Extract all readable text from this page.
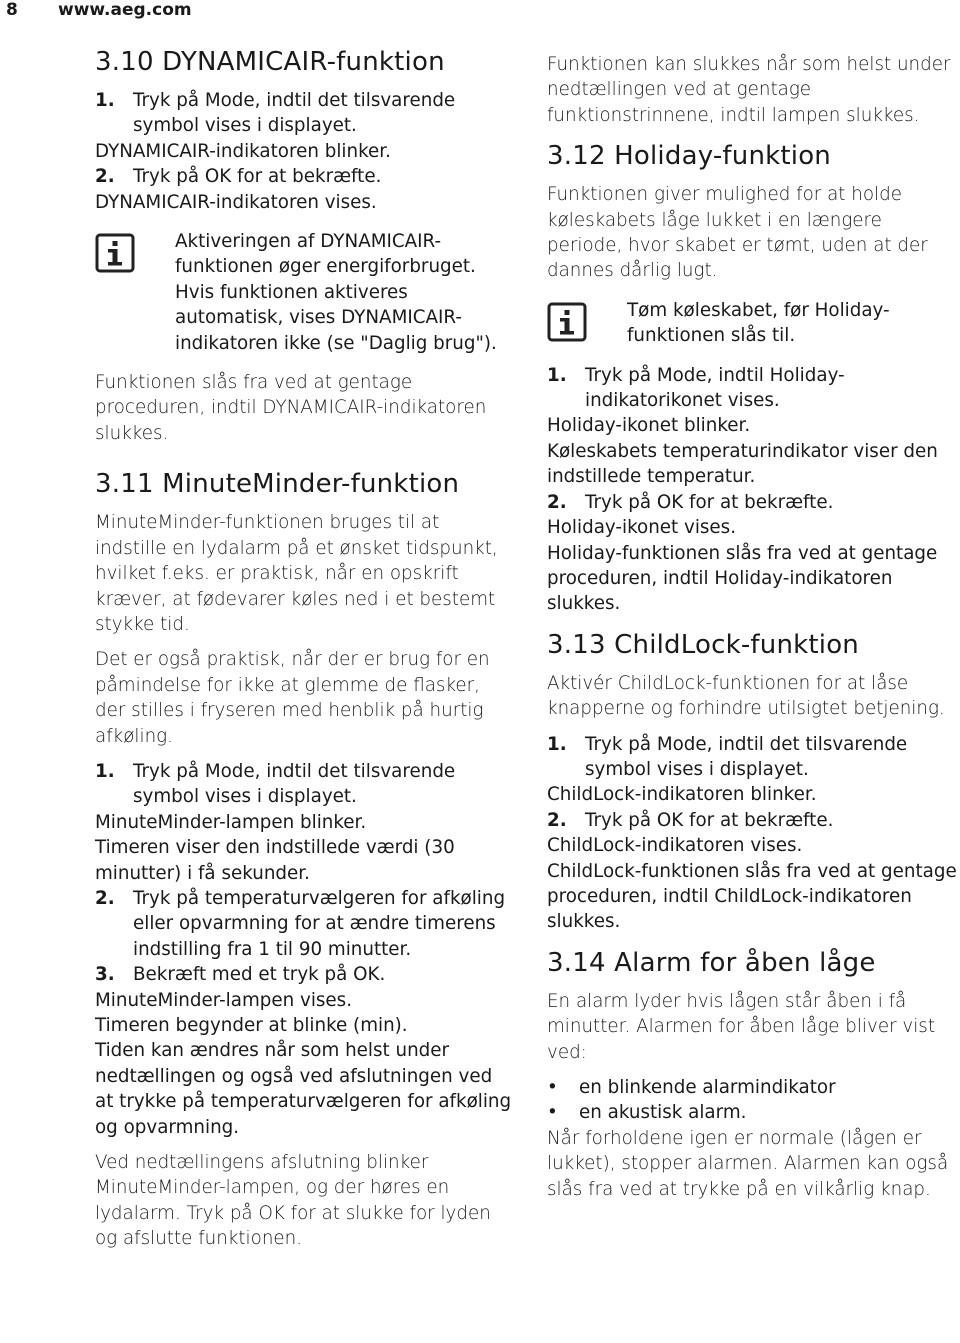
8 www.aeg.com
3.10 DYNAMICAIR-funktion
1.	Tryk på Mode, indtil det tilsvarende symbol vises i displayet.
DYNAMICAIR-indikatoren blinker.
2.	Tryk på OK for at bekræfte.
DYNAMICAIR-indikatoren vises.
Aktiveringen af DYNAMICAIR-funktionen øger energiforbruget. Hvis funktionen aktiveres automatisk, vises DYNAMICAIR-indikatoren ikke (se "Daglig brug").

Funktionen slås fra ved at gentage proceduren, indtil DYNAMICAIR-indikatoren slukkes.

3.11 MinuteMinder-funktion

MinuteMinder-funktionen bruges til at indstille en lydalarm på et ønsket tidspunkt, hvilket f.eks. er praktisk, når en opskrift kræver, at fødevarer køles ned i et bestemt stykke tid.

Det er også praktisk, når der er brug for en påmindelse for ikke at glemme de flasker, der stilles i fryseren med henblik på hurtig afkøling.

1.	Tryk på Mode, indtil det tilsvarende symbol vises i displayet.
MinuteMinder-lampen blinker.
Timeren viser den indstillede værdi (30 minutter) i få sekunder.
2.	Tryk på temperaturvælgeren for afkøling eller opvarmning for at ændre timerens indstilling fra 1 til 90 minutter.
3.	Bekræft med et tryk på OK.
MinuteMinder-lampen vises.
Timeren begynder at blinke (min).
Tiden kan ændres når som helst under nedtællingen og også ved afslutningen ved at trykke på temperaturvælgeren for afkøling og opvarmning.

Ved nedtællingens afslutning blinker MinuteMinder-lampen, og der høres en lydalarm. Tryk på OK for at slukke for lyden og afslutte funktionen.

Funktionen kan slukkes når som helst under nedtællingen ved at gentage funktionstrinnene, indtil lampen slukkes.

3.12 Holiday-funktion

Funktionen giver mulighed for at holde køleskabets låge lukket i en længere periode, hvor skabet er tømt, uden at der dannes dårlig lugt.

Tøm køleskabet, før Holiday-funktionen slås til.
1.	Tryk på Mode, indtil Holiday-indikatorikonet vises.
Holiday-ikonet blinker.
Køleskabets temperaturindikator viser den indstillede temperatur.
2.	Tryk på OK for at bekræfte.
Holiday-ikonet vises.
Holiday-funktionen slås fra ved at gentage proceduren, indtil Holiday-indikatoren slukkes.
3.13 ChildLock-funktion

Aktivér ChildLock-funktionen for at låse knapperne og forhindre utilsigtet betjening.

1.	Tryk på Mode, indtil det tilsvarende symbol vises i displayet.
ChildLock-indikatoren blinker.
2.	Tryk på OK for at bekræfte.
ChildLock-indikatoren vises.
ChildLock-funktionen slås fra ved at gentage proceduren, indtil ChildLock-indikatoren slukkes.
3.14 Alarm for åben låge

En alarm lyder hvis lågen står åben i få minutter. Alarmen for åben låge bliver vist ved:

•	en blinkende alarmindikator
•	en akustisk alarm.

Når forholdene igen er normale (lågen er lukket), stopper alarmen. Alarmen kan også slås fra ved at trykke på en vilkårlig knap.
